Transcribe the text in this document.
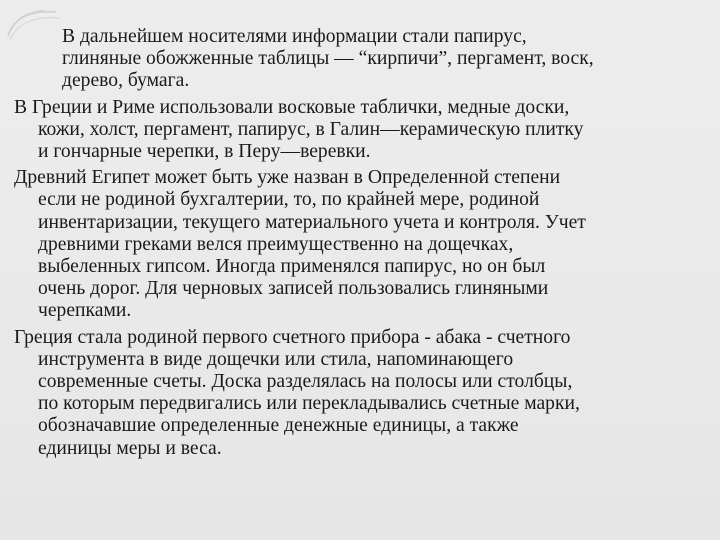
В дальнейшем носителями информации стали папирус,
глиняные обожженные таблицы — “кирпичи”, пергамент, воск,
дерево, бумага.
В Греции и Риме использовали восковые таблички, медные доски,
кожи, холст, пергамент, папирус, в Галин—керамическую плитку
и гончарные черепки, в Перу—веревки.
Древний Египет может быть уже назван в Определенной степени
если не родиной бухгалтерии, то, по крайней мере, родиной
инвентаризации, текущего материального учета и контроля. Учет
древними греками велся преимущественно на дощечках,
выбеленных гипсом. Иногда применялся папирус, но он был
очень дорог. Для черновых записей пользовались глиняными
черепками.
Греция стала родиной первого счетного прибора - абака - счетного
инструмента в виде дощечки или стила, напоминающего
современные счеты. Доска разделялась на полосы или столбцы,
по которым передвигались или перекладывались счетные марки,
обозначавшие определенные денежные единицы, а также
единицы меры и веса.
